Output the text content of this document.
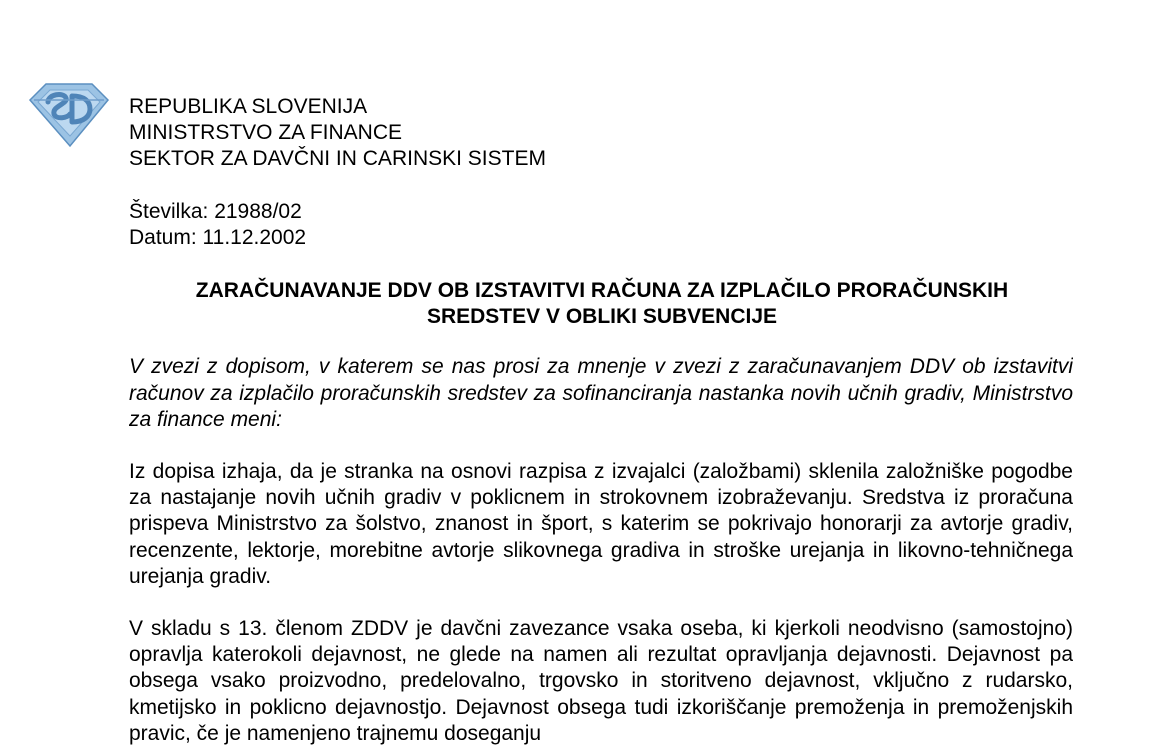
REPUBLIKA SLOVENIJA
MINISTRSTVO ZA FINANCE
SEKTOR ZA DAVČNI IN CARINSKI SISTEM
Številka: 21988/02
Datum: 11.12.2002
ZARAČUNAVANJE DDV OB IZSTAVITVI RAČUNA ZA IZPLAČILO PRORAČUNSKIH
SREDSTEV V OBLIKI SUBVENCIJE
V zvezi z dopisom, v katerem se nas prosi za mnenje v zvezi z zaračunavanjem DDV ob izstavitvi računov za izplačilo proračunskih sredstev za sofinanciranja nastanka novih učnih gradiv, Ministrstvo za finance meni:
Iz dopisa izhaja, da je stranka na osnovi razpisa z izvajalci (založbami) sklenila založniške pogodbe za nastajanje novih učnih gradiv v poklicnem in strokovnem izobraževanju. Sredstva iz proračuna prispeva Ministrstvo za šolstvo, znanost in šport, s katerim se pokrivajo honorarji za avtorje gradiv, recenzente, lektorje, morebitne avtorje slikovnega gradiva in stroške urejanja in likovno-tehničnega urejanja gradiv.
V skladu s 13. členom ZDDV je davčni zavezance vsaka oseba, ki kjerkoli neodvisno (samostojno) opravlja katerokoli dejavnost, ne glede na namen ali rezultat opravljanja dejavnosti. Dejavnost pa obsega vsako proizvodno, predelovalno, trgovsko in storitveno dejavnost, vključno z rudarsko, kmetijsko in poklicno dejavnostjo. Dejavnost obsega tudi izkoriščanje premoženja in premoženjskih pravic, če je namenjeno trajnemu doseganju
